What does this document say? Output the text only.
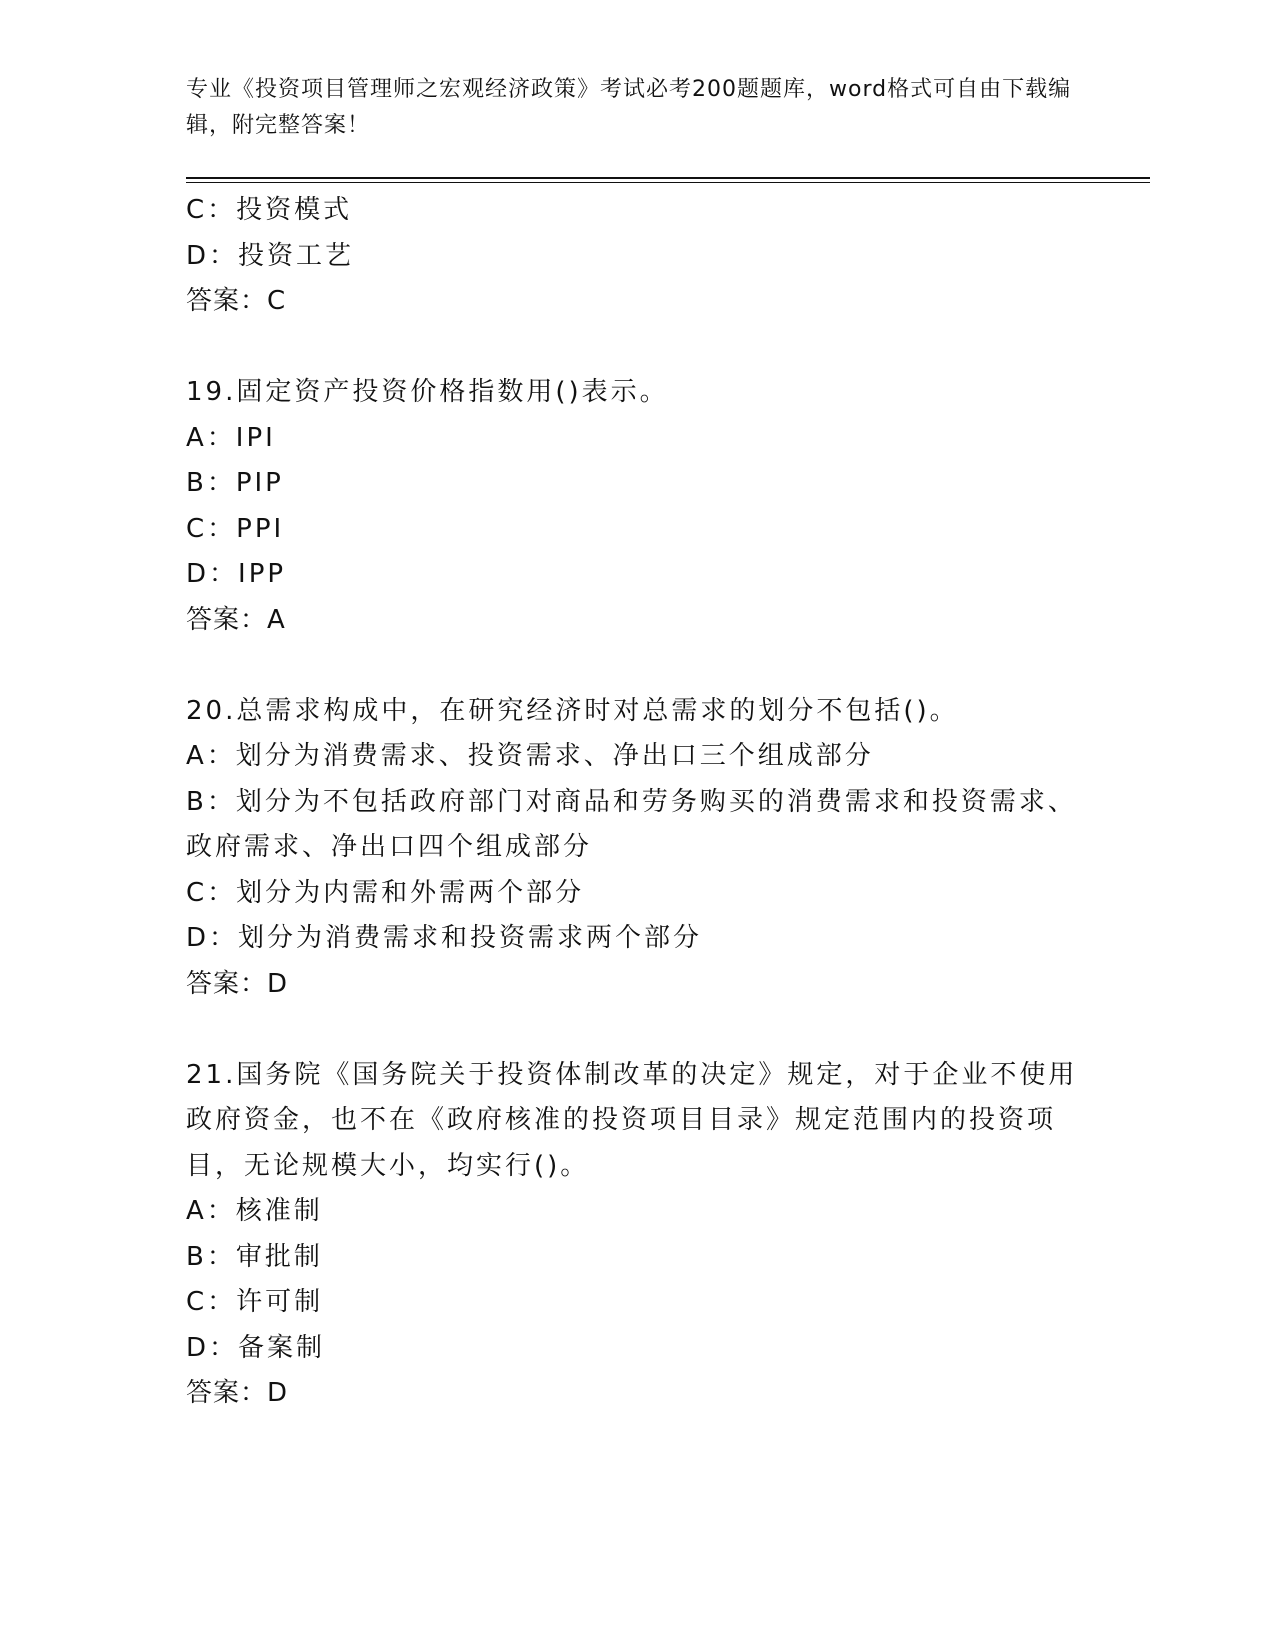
专业《投资项目管理师之宏观经济政策》考试必考200题题库，word格式可自由下载编辑，附完整答案！
C：投资模式
D：投资工艺
答案：C
19.固定资产投资价格指数用()表示。
A：IPI
B：PIP
C：PPI
D：IPP
答案：A
20.总需求构成中，在研究经济时对总需求的划分不包括()。
A：划分为消费需求、投资需求、净出口三个组成部分
B：划分为不包括政府部门对商品和劳务购买的消费需求和投资需求、政府需求、净出口四个组成部分
C：划分为内需和外需两个部分
D：划分为消费需求和投资需求两个部分
答案：D
21.国务院《国务院关于投资体制改革的决定》规定，对于企业不使用政府资金，也不在《政府核准的投资项目目录》规定范围内的投资项目，无论规模大小，均实行()。
A：核准制
B：审批制
C：许可制
D：备案制
答案：D
